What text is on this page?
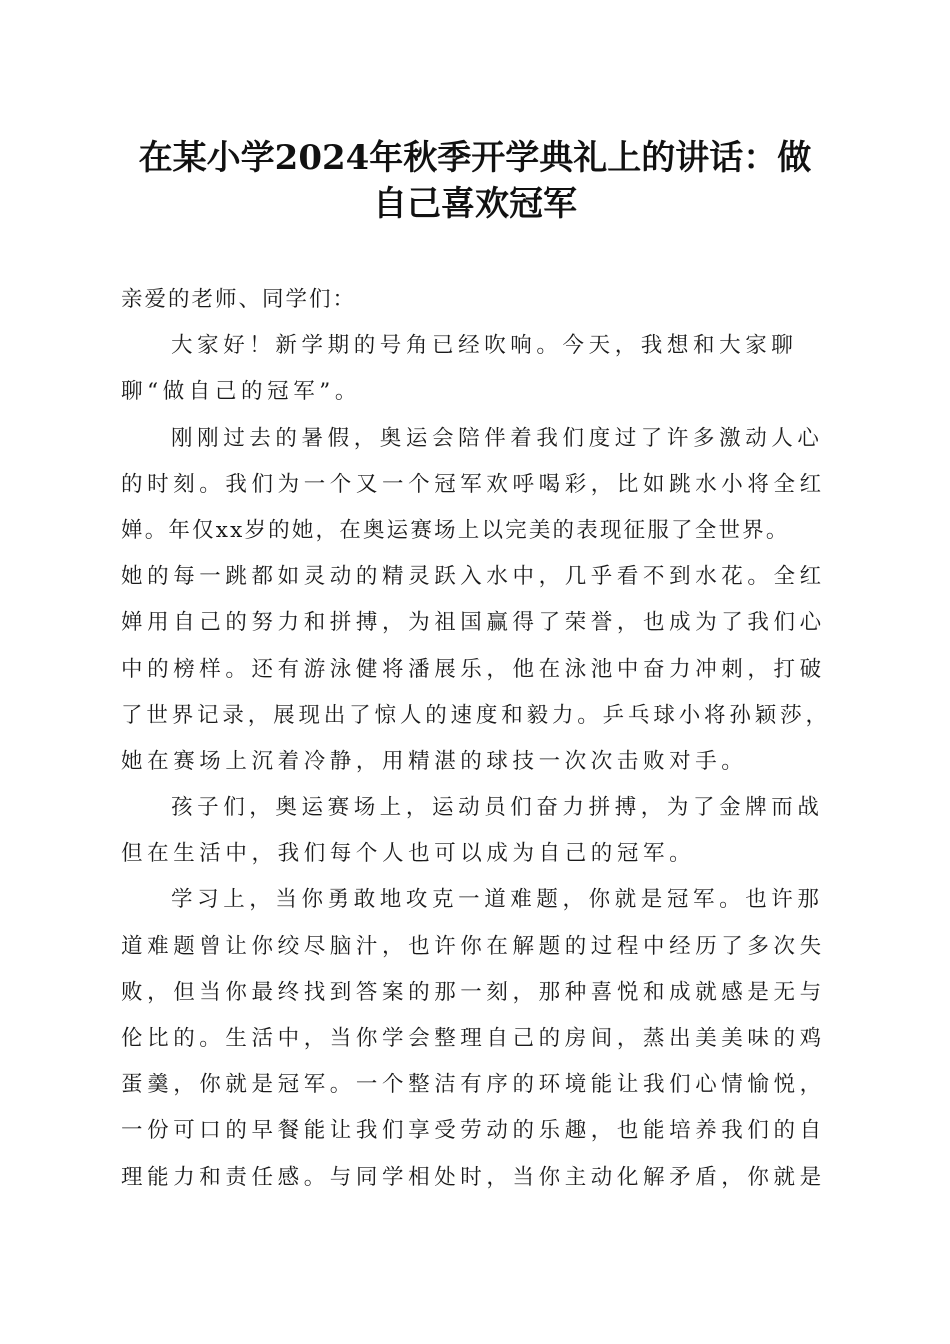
在某小学2024年秋季开学典礼上的讲话：做
自己喜欢冠军
亲爱的老师、同学们：
大家好！新学期的号角已经吹响。今天，我想和大家聊
聊“做自己的冠军”。
刚刚过去的暑假，奥运会陪伴着我们度过了许多激动人心
的时刻。我们为一个又一个冠军欢呼喝彩，比如跳水小将全红
婵。年仅xx岁的她，在奥运赛场上以完美的表现征服了全世界。
她的每一跳都如灵动的精灵跃入水中，几乎看不到水花。全红
婵用自己的努力和拼搏，为祖国赢得了荣誉，也成为了我们心
中的榜样。还有游泳健将潘展乐，他在泳池中奋力冲刺，打破
了世界记录，展现出了惊人的速度和毅力。乒乓球小将孙颖莎，
她在赛场上沉着冷静，用精湛的球技一次次击败对手。
孩子们，奥运赛场上，运动员们奋力拼搏，为了金牌而战
但在生活中，我们每个人也可以成为自己的冠军。
学习上，当你勇敢地攻克一道难题，你就是冠军。也许那
道难题曾让你绞尽脑汁，也许你在解题的过程中经历了多次失
败，但当你最终找到答案的那一刻，那种喜悦和成就感是无与
伦比的。生活中，当你学会整理自己的房间，蒸出美美味的鸡
蛋羹，你就是冠军。一个整洁有序的环境能让我们心情愉悦，
一份可口的早餐能让我们享受劳动的乐趣，也能培养我们的自
理能力和责任感。与同学相处时，当你主动化解矛盾，你就是
